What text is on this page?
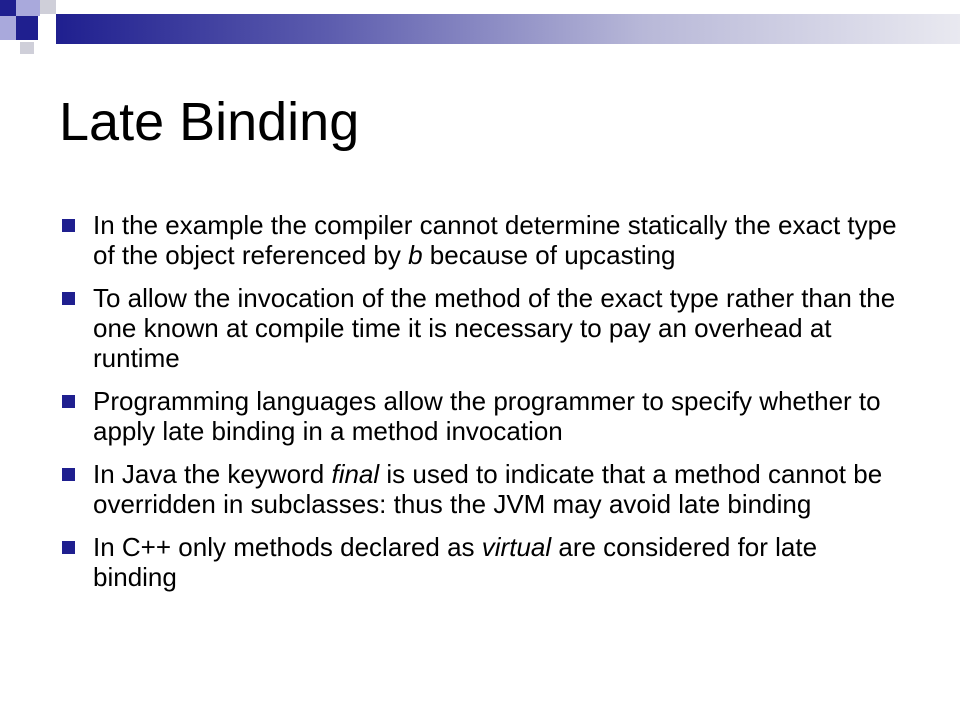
Late Binding
In the example the compiler cannot determine statically the exact type of the object referenced by b because of upcasting
To allow the invocation of the method of the exact type rather than the one known at compile time it is necessary to pay an overhead at runtime
Programming languages allow the programmer to specify whether to apply late binding in a method invocation
In Java the keyword final is used to indicate that a method cannot be overridden in subclasses: thus the JVM may avoid late binding
In C++ only methods declared as virtual are considered for late binding
